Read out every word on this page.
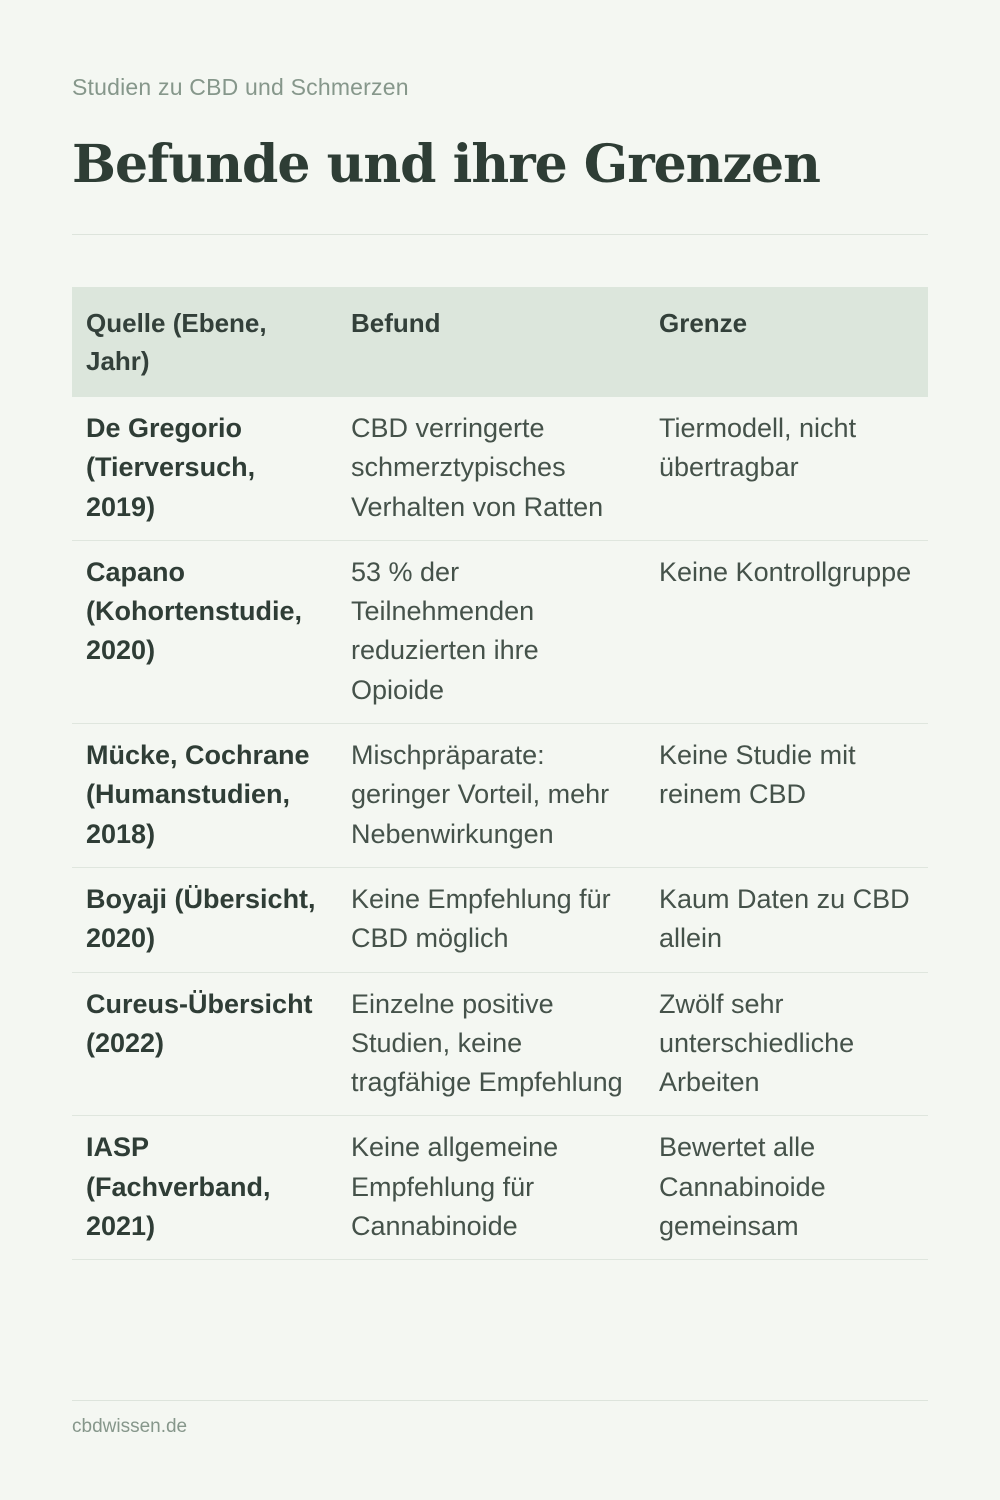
Studien zu CBD und Schmerzen
Befunde und ihre Grenzen
Quelle (Ebene, Jahr)	Befund	Grenze
De Gregorio (Tierversuch, 2019)	CBD verringerte schmerztypisches Verhalten von Ratten	Tiermodell, nicht übertragbar
Capano (Kohortenstudie, 2020)	53 % der Teilnehmenden reduzierten ihre Opioide	Keine Kontrollgruppe
Mücke, Cochrane (Humanstudien, 2018)	Mischpräparate: geringer Vorteil, mehr Nebenwirkungen	Keine Studie mit reinem CBD
Boyaji (Übersicht, 2020)	Keine Empfehlung für CBD möglich	Kaum Daten zu CBD allein
Cureus-Übersicht (2022)	Einzelne positive Studien, keine tragfähige Empfehlung	Zwölf sehr unterschiedliche Arbeiten
IASP (Fachverband, 2021)	Keine allgemeine Empfehlung für Cannabinoide	Bewertet alle Cannabinoide gemeinsam
cbdwissen.de
